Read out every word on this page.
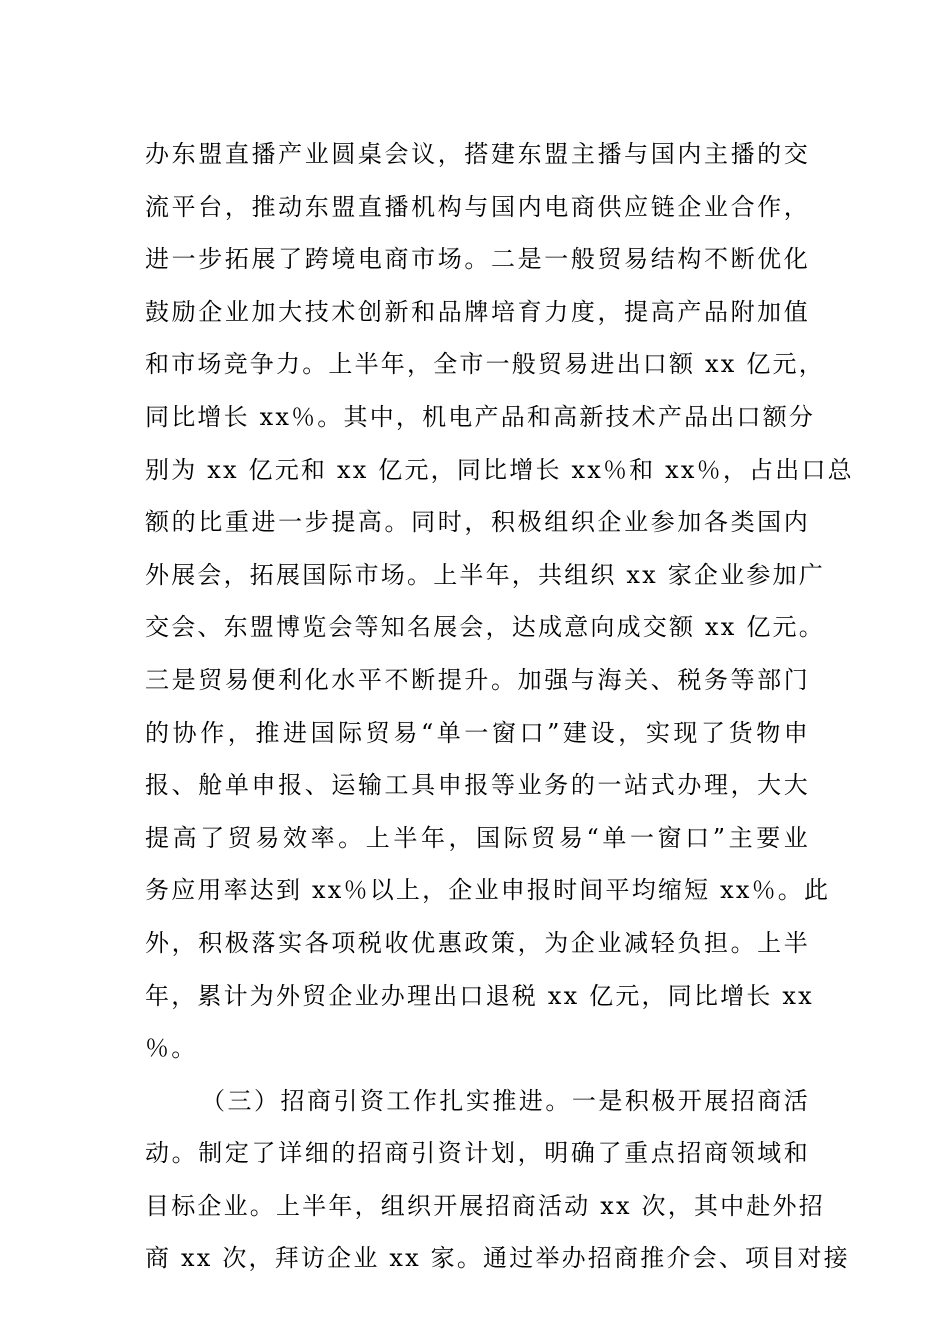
办东盟直播产业圆桌会议，搭建东盟主播与国内主播的交
流平台，推动东盟直播机构与国内电商供应链企业合作，
进一步拓展了跨境电商市场。二是一般贸易结构不断优化
鼓励企业加大技术创新和品牌培育力度，提高产品附加值
和市场竞争力。上半年，全市一般贸易进出口额 xx 亿元，
同比增长 xx％。其中，机电产品和高新技术产品出口额分
别为 xx 亿元和 xx 亿元，同比增长 xx％和 xx％，占出口总
额的比重进一步提高。同时，积极组织企业参加各类国内
外展会，拓展国际市场。上半年，共组织 xx 家企业参加广
交会、东盟博览会等知名展会，达成意向成交额 xx 亿元。
三是贸易便利化水平不断提升。加强与海关、税务等部门
的协作，推进国际贸易“单一窗口”建设，实现了货物申
报、舱单申报、运输工具申报等业务的一站式办理，大大
提高了贸易效率。上半年，国际贸易“单一窗口”主要业
务应用率达到 xx％以上，企业申报时间平均缩短 xx％。此
外，积极落实各项税收优惠政策，为企业减轻负担。上半
年，累计为外贸企业办理出口退税 xx 亿元，同比增长 xx
％。
（三）招商引资工作扎实推进。一是积极开展招商活
动。制定了详细的招商引资计划，明确了重点招商领域和
目标企业。上半年，组织开展招商活动 xx 次，其中赴外招
商 xx 次，拜访企业 xx 家。通过举办招商推介会、项目对接
